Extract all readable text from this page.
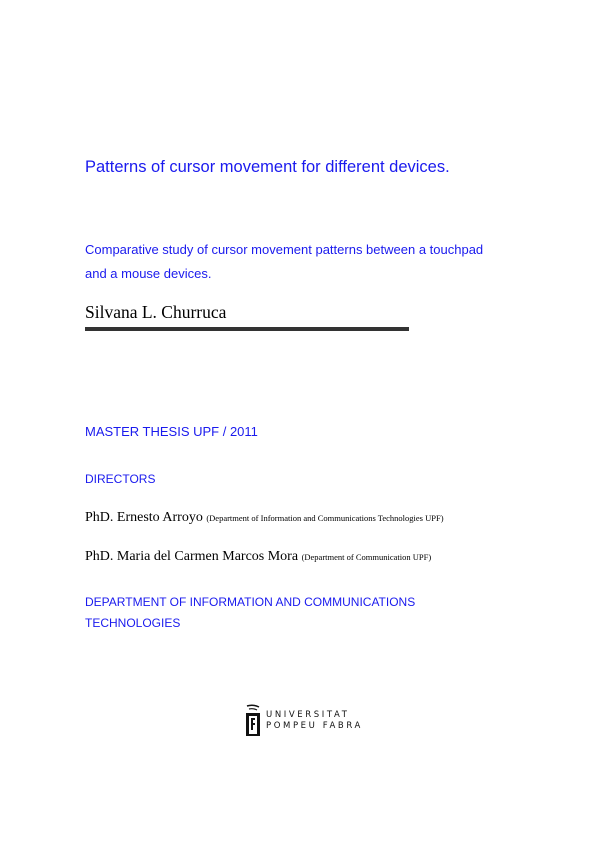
Patterns of cursor movement for different devices.
Comparative study of cursor movement patterns between a touchpad and a mouse devices.
Silvana L. Churruca
MASTER THESIS UPF / 2011
DIRECTORS
PhD. Ernesto Arroyo (Department of Information and Communications Technologies UPF)
PhD. Maria del Carmen Marcos Mora (Department of Communication UPF)
DEPARTMENT OF INFORMATION AND COMMUNICATIONS TECHNOLOGIES
UNIVERSITAT
POMPEU FABRA
